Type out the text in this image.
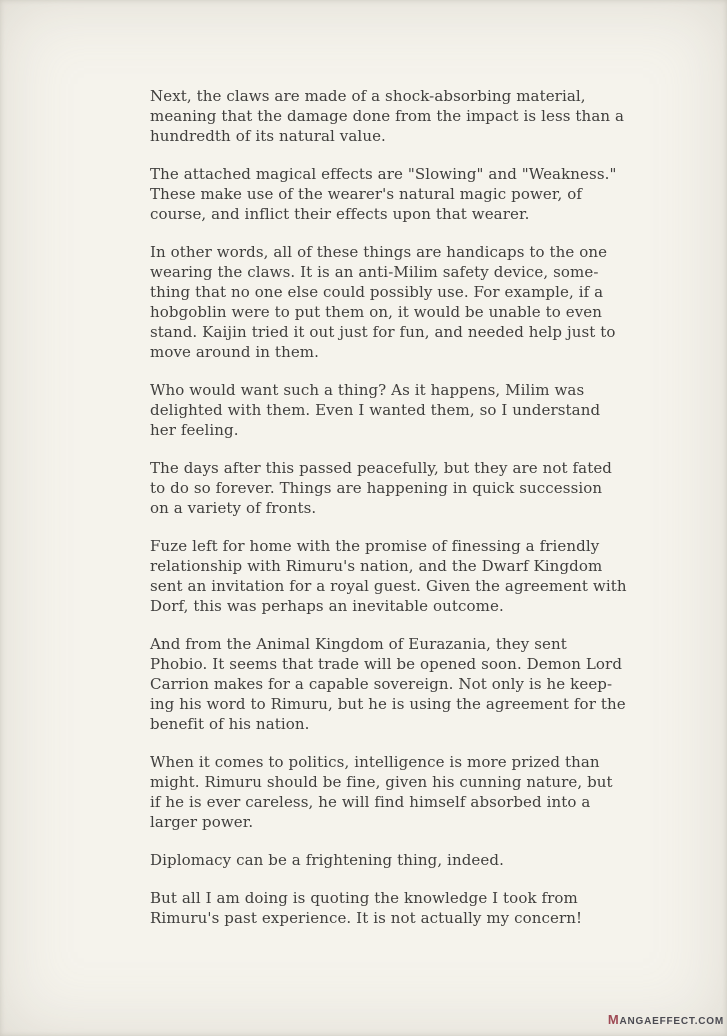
Next, the claws are made of a shock-absorbing material,
meaning that the damage done from the impact is less than a
hundredth of its natural value.
The attached magical effects are "Slowing" and "Weakness."
These make use of the wearer's natural magic power, of
course, and inflict their effects upon that wearer.
In other words, all of these things are handicaps to the one
wearing the claws. It is an anti-Milim safety device, some-
thing that no one else could possibly use. For example, if a
hobgoblin were to put them on, it would be unable to even
stand. Kaijin tried it out just for fun, and needed help just to
move around in them.
Who would want such a thing? As it happens, Milim was
delighted with them. Even I wanted them, so I understand
her feeling.
The days after this passed peacefully, but they are not fated
to do so forever. Things are happening in quick succession
on a variety of fronts.
Fuze left for home with the promise of finessing a friendly
relationship with Rimuru's nation, and the Dwarf Kingdom
sent an invitation for a royal guest. Given the agreement with
Dorf, this was perhaps an inevitable outcome.
And from the Animal Kingdom of Eurazania, they sent
Phobio. It seems that trade will be opened soon. Demon Lord
Carrion makes for a capable sovereign. Not only is he keep-
ing his word to Rimuru, but he is using the agreement for the
benefit of his nation.
When it comes to politics, intelligence is more prized than
might. Rimuru should be fine, given his cunning nature, but
if he is ever careless, he will find himself absorbed into a
larger power.
Diplomacy can be a frightening thing, indeed.
But all I am doing is quoting the knowledge I took from
Rimuru's past experience. It is not actually my concern!
MANGAEFFECT.COM
